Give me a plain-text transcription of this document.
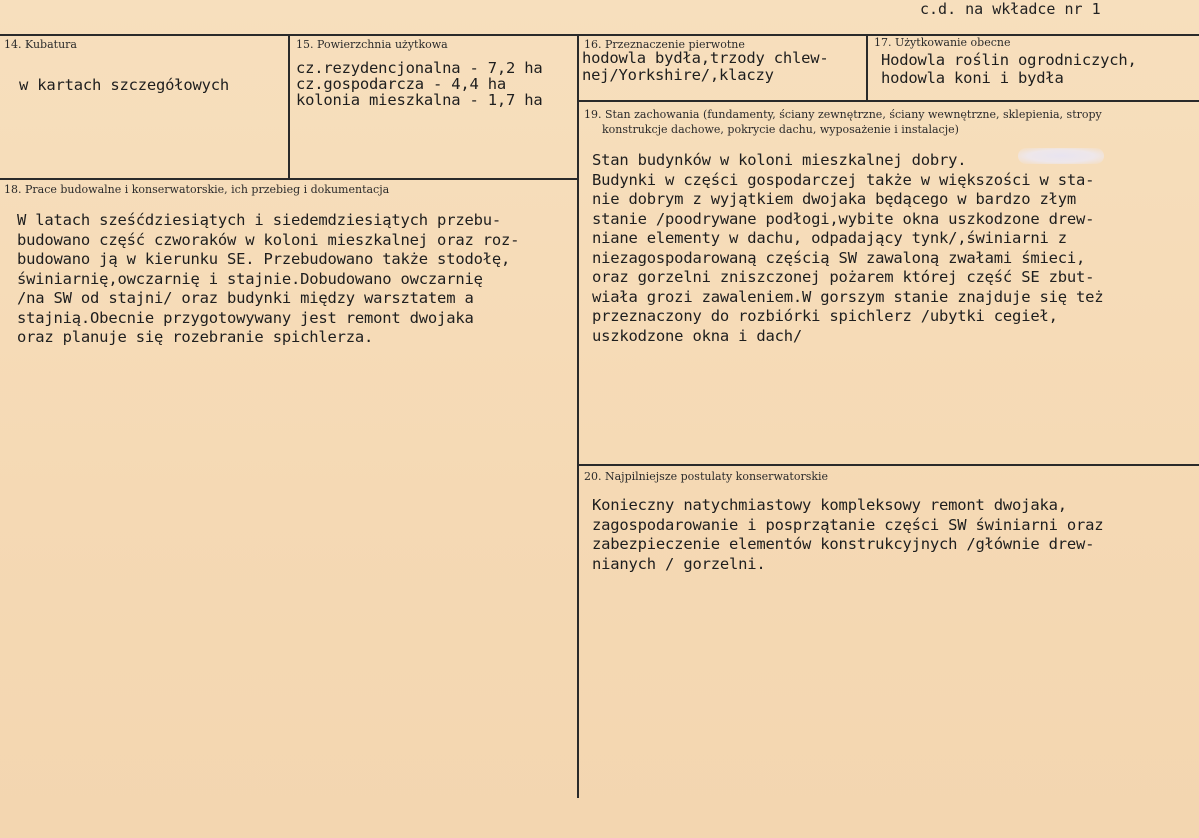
c.d. na wkładce nr 1
14. Kubatura
w kartach szczegółowych
15. Powierzchnia użytkowa
cz.rezydencjonalna - 7,2 ha
cz.gospodarcza - 4,4 ha
kolonia mieszkalna - 1,7 ha
16. Przeznaczenie pierwotne
hodowla bydła,trzody chlew-
nej/Yorkshire/,klaczy
17. Użytkowanie obecne
Hodowla roślin ogrodniczych,
hodowla koni i bydła
18. Prace budowalne i konserwatorskie, ich przebieg i dokumentacja
W latach sześćdziesiątych i siedemdziesiątych przebu-
budowano część czworaków w koloni mieszkalnej oraz roz-
budowano ją w kierunku SE. Przebudowano także stodołę,
świniarnię,owczarnię i stajnie.Dobudowano owczarnię
/na SW od stajni/ oraz budynki między warsztatem a
stajnią.Obecnie przygotowywany jest remont dwojaka
oraz planuje się rozebranie spichlerza.
19. Stan zachowania (fundamenty, ściany zewnętrzne, ściany wewnętrzne, sklepienia, stropy
konstrukcje dachowe, pokrycie dachu, wyposażenie i instalacje)
Stan budynków w koloni mieszkalnej dobry.
Budynki w części gospodarczej także w większości w sta-
nie dobrym z wyjątkiem dwojaka będącego w bardzo złym
stanie /poodrywane podłogi,wybite okna uszkodzone drew-
niane elementy w dachu, odpadający tynk/,świniarni z
niezagospodarowaną częścią SW zawaloną zwałami śmieci,
oraz gorzelni zniszczonej pożarem której część SE zbut-
wiała grozi zawaleniem.W gorszym stanie znajduje się też
przeznaczony do rozbiórki spichlerz /ubytki cegieł,
uszkodzone okna i dach/
20. Najpilniejsze postulaty konserwatorskie
Konieczny natychmiastowy kompleksowy remont dwojaka,
zagospodarowanie i posprzątanie części SW świniarni oraz
zabezpieczenie elementów konstrukcyjnych /głównie drew-
nianych / gorzelni.
